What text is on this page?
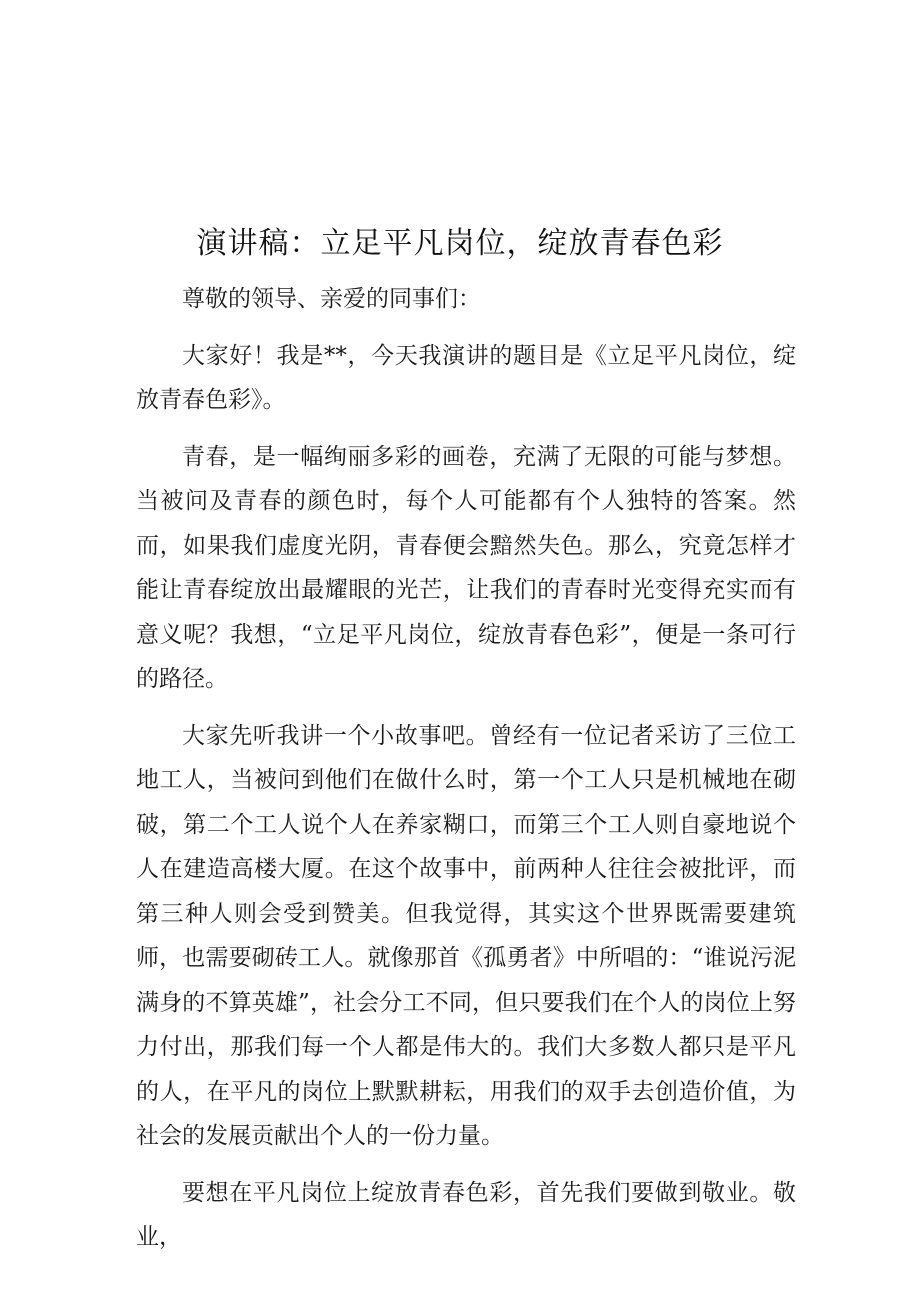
演讲稿：立足平凡岗位，绽放青春色彩

尊敬的领导、亲爱的同事们：

大家好！我是**，今天我演讲的题目是《立足平凡岗位，绽放青春色彩》。

青春，是一幅绚丽多彩的画卷，充满了无限的可能与梦想。当被问及青春的颜色时，每个人可能都有个人独特的答案。然而，如果我们虚度光阴，青春便会黯然失色。那么，究竟怎样才能让青春绽放出最耀眼的光芒，让我们的青春时光变得充实而有意义呢？我想，“立足平凡岗位，绽放青春色彩”，便是一条可行的路径。

大家先听我讲一个小故事吧。曾经有一位记者采访了三位工地工人，当被问到他们在做什么时，第一个工人只是机械地在砌破，第二个工人说个人在养家糊口，而第三个工人则自豪地说个人在建造高楼大厦。在这个故事中，前两种人往往会被批评，而第三种人则会受到赞美。但我觉得，其实这个世界既需要建筑师，也需要砌砖工人。就像那首《孤勇者》中所唱的：“谁说污泥满身的不算英雄”，社会分工不同，但只要我们在个人的岗位上努力付出，那我们每一个人都是伟大的。我们大多数人都只是平凡的人，在平凡的岗位上默默耕耘，用我们的双手去创造价值，为社会的发展贡献出个人的一份力量。

要想在平凡岗位上绽放青春色彩，首先我们要做到敬业。敬业，
